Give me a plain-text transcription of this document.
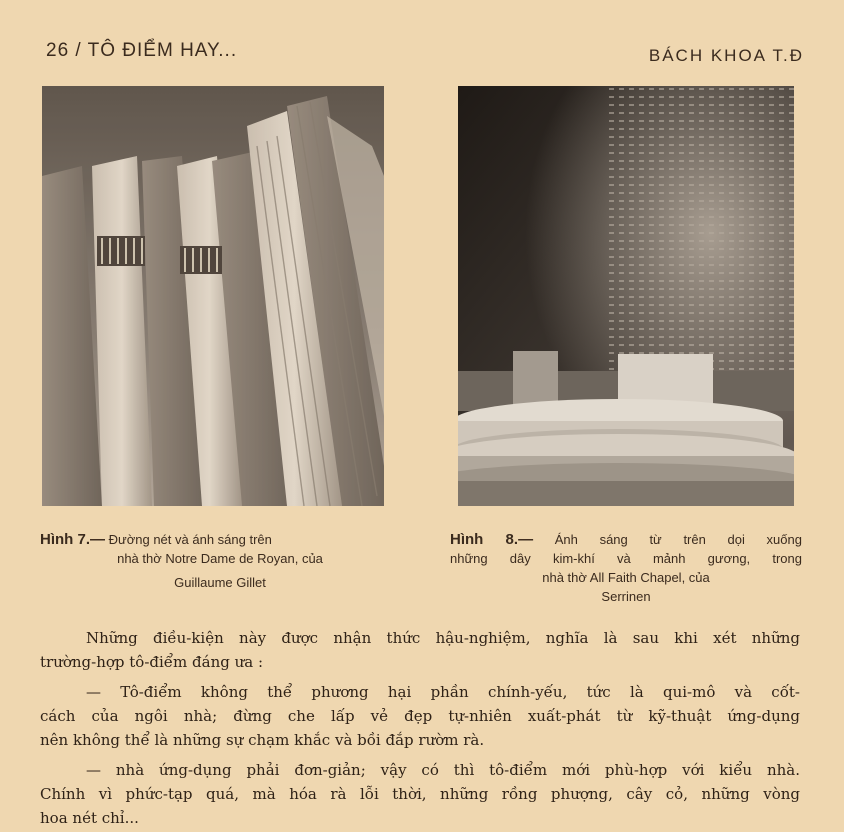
26 / TÔ ĐIỂM HAY...	BÁCH KHOA T.Đ
Hình 7.— Đường nét và ánh sáng trên
nhà thờ Notre Dame de Royan, của
Guillaume Gillet
Hình 8.— Ánh sáng từ trên dọi xuống
những dây kim-khí và mảnh gương, trong
nhà thờ All Faith Chapel, của
Serrinen
Những điều-kiện này được nhận thức hậu-nghiệm, nghĩa là sau khi xét những
trường-hợp tô-điểm đáng ưa :
— Tô-điểm không thể phương hại phần chính-yếu, tức là qui-mô và cốt-
cách của ngôi nhà; đừng che lấp vẻ đẹp tự-nhiên xuất-phát từ kỹ-thuật ứng-dụng
nên không thể là những sự chạm khắc và bồi đắp rườm rà.
— nhà ứng-dụng phải đơn-giản; vậy có thì tô-điểm mới phù-hợp với kiểu nhà.
Chính vì phức-tạp quá, mà hóa rà lỗi thời, những rồng phượng, cây cỏ, những vòng
hoa nét chỉ...
